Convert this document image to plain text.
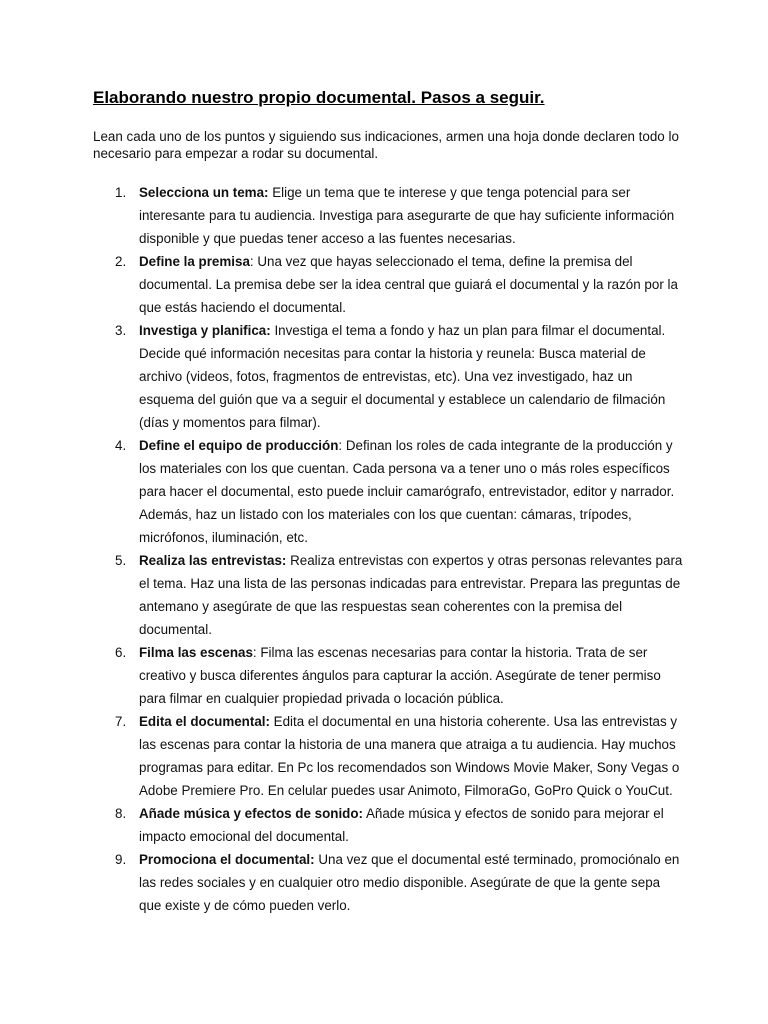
Elaborando nuestro propio documental. Pasos a seguir.

Lean cada uno de los puntos y siguiendo sus indicaciones, armen una hoja donde declaren todo lo necesario para empezar a rodar su documental.

1. Selecciona un tema: Elige un tema que te interese y que tenga potencial para ser interesante para tu audiencia. Investiga para asegurarte de que hay suficiente información disponible y que puedas tener acceso a las fuentes necesarias.
2. Define la premisa: Una vez que hayas seleccionado el tema, define la premisa del documental. La premisa debe ser la idea central que guiará el documental y la razón por la que estás haciendo el documental.
3. Investiga y planifica: Investiga el tema a fondo y haz un plan para filmar el documental. Decide qué información necesitas para contar la historia y reunela: Busca material de archivo (videos, fotos, fragmentos de entrevistas, etc). Una vez investigado, haz un esquema del guión que va a seguir el documental y establece un calendario de filmación (días y momentos para filmar).
4. Define el equipo de producción: Definan los roles de cada integrante de la producción y los materiales con los que cuentan. Cada persona va a tener uno o más roles específicos para hacer el documental, esto puede incluir camarógrafo, entrevistador, editor y narrador. Además, haz un listado con los materiales con los que cuentan: cámaras, trípodes, micrófonos, iluminación, etc.
5. Realiza las entrevistas: Realiza entrevistas con expertos y otras personas relevantes para el tema. Haz una lista de las personas indicadas para entrevistar. Prepara las preguntas de antemano y asegúrate de que las respuestas sean coherentes con la premisa del documental.
6. Filma las escenas: Filma las escenas necesarias para contar la historia. Trata de ser creativo y busca diferentes ángulos para capturar la acción. Asegúrate de tener permiso para filmar en cualquier propiedad privada o locación pública.
7. Edita el documental: Edita el documental en una historia coherente. Usa las entrevistas y las escenas para contar la historia de una manera que atraiga a tu audiencia. Hay muchos programas para editar. En Pc los recomendados son Windows Movie Maker, Sony Vegas o Adobe Premiere Pro. En celular puedes usar Animoto, FilmoraGo, GoPro Quick o YouCut.
8. Añade música y efectos de sonido: Añade música y efectos de sonido para mejorar el impacto emocional del documental.
9. Promociona el documental: Una vez que el documental esté terminado, promociónalo en las redes sociales y en cualquier otro medio disponible. Asegúrate de que la gente sepa que existe y de cómo pueden verlo.
